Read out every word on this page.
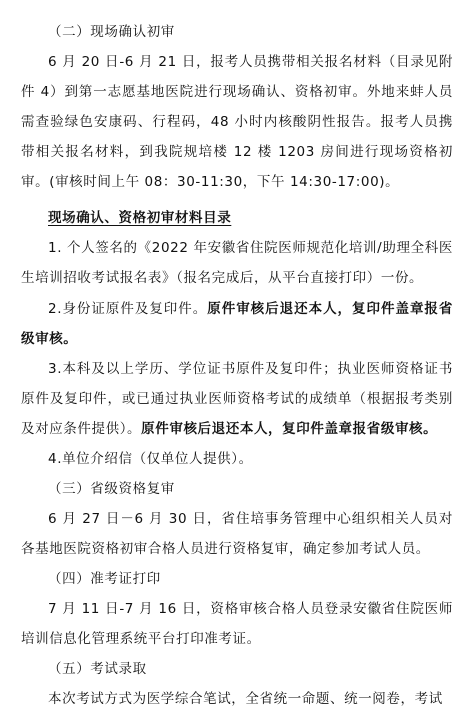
（二）现场确认初审

6 月 20 日-6 月 21 日，报考人员携带相关报名材料（目录见附件 4）到第一志愿基地医院进行现场确认、资格初审。外地来蚌人员需查验绿色安康码、行程码，48 小时内核酸阴性报告。报考人员携带相关报名材料，到我院规培楼 12 楼 1203 房间进行现场资格初审。(审核时间上午 08：30-11:30，下午 14:30-17:00)。

现场确认、资格初审材料目录

1. 个人签名的《2022 年安徽省住院医师规范化培训/助理全科医生培训招收考试报名表》（报名完成后，从平台直接打印）一份。

2.身份证原件及复印件。原件审核后退还本人，复印件盖章报省级审核。

3.本科及以上学历、学位证书原件及复印件；执业医师资格证书原件及复印件，或已通过执业医师资格考试的成绩单（根据报考类别及对应条件提供）。原件审核后退还本人，复印件盖章报省级审核。

4.单位介绍信（仅单位人提供）。

（三）省级资格复审

6 月 27 日－6 月 30 日，省住培事务管理中心组织相关人员对各基地医院资格初审合格人员进行资格复审，确定参加考试人员。

（四）准考证打印

7 月 11 日-7 月 16 日，资格审核合格人员登录安徽省住院医师培训信息化管理系统平台打印准考证。

（五）考试录取

本次考试方式为医学综合笔试，全省统一命题、统一阅卷，考试
